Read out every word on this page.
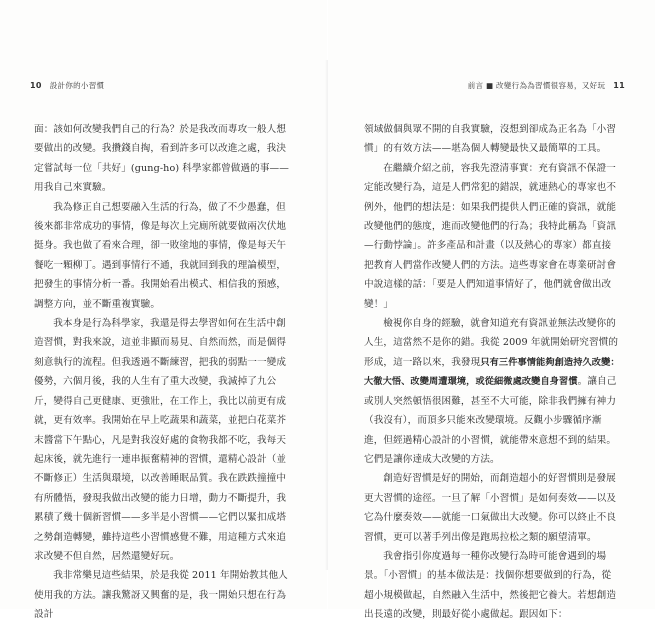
10 設計你的小習慣

面：該如何改變我們自己的行為？於是我改而專攻一般人想要做出的改變。我攢錢自掏，看到許多可以改進之處，我決定嘗試每一位「共好」(gung-ho) 科學家都曾做過的事——用我自己來實驗。

我為修正自己想要融入生活的行為，做了不少愚蠢，但後來都非常成功的事情，像是每次上完廁所就要做兩次伏地挺身。我也做了看來合理，卻一敗塗地的事情，像是每天午餐吃一顆柳丁。遇到事情行不通，我就回到我的理論模型，把發生的事情分析一番。我開始看出模式、相信我的預感，調整方向，並不斷重複實驗。

我本身是行為科學家，我還是得去學習如何在生活中創造習慣，對我來說，這並非顯而易見、自然而然，而是個得刻意執行的流程。但我透過不斷練習，把我的弱點一一變成優勢，六個月後，我的人生有了重大改變，我減掉了九公斤，變得自己更健康、更強壯，在工作上，我比以前更有成就，更有效率。我開始在早上吃蔬果和蔬菜，並把白花菜芥末醬當下午點心，凡是對我沒好處的食物我都不吃，我每天起床後，就先進行一連串振奮精神的習慣，還精心設計（並不斷修正）生活與環境，以改善睡眠品質。我在跌跌撞撞中有所體悟，發現我做出改變的能力日增，動力不斷提升，我累積了幾十個新習慣——多半是小習慣——它們以緊扣成塔之勢創造轉變，雖持這些小習慣感覺不難，用這種方式來追求改變不但自然，居然還變好玩。

我非常樂見這些結果，於是我從 2011 年開始教其他人使用我的方法。讓我驚訝又興奮的是，我一開始只想在行為設計

前言 ■ 改變行為為習慣很容易，又好玩 11

領域做個與眾不開的自我實驗，沒想到卻成為正名為「小習慣」的有效方法——堪為個人轉變最快又最簡單的工具。

在繼續介紹之前，容我先澄清事實：充有資訊不保證一定能改變行為，這是人們常犯的錯誤，就連熱心的專家也不例外，他們的想法是：如果我們提供人們正確的資訊，就能改變他們的態度，進而改變他們的行為；我特此稱為「資訊—行動悖論」。許多產品和計畫（以及熱心的專家）都直接把教育人們當作改變人們的方法。這些專家會在專業研討會中說這樣的話：「要是人們知道事情好了，他們就會做出改變！」

檢視你自身的經驗，就會知道充有資訊並無法改變你的人生，這當然不是你的錯。我從 2009 年就開始研究習慣的形成，這一路以來，我發現只有三件事情能夠創造持久改變：大徹大悟、改變周遭環境，或從細微處改變自身習慣。讓自己或別人突然頓悟很困難，甚至不大可能，除非我們擁有神力（我沒有），而頂多只能來改變環境。反觀小步驟循序漸進，但經過精心設計的小習慣，就能帶來意想不到的結果。它們是讓你達成大改變的方法。

創造好習慣是好的開始，而創造超小的好習慣則是發展更大習慣的途徑。一旦了解「小習慣」是如何奏效——以及它為什麼奏效——就能一口氣做出大改變。你可以終止不良習慣，更可以著手列出像是跑馬拉松之類的願望清單。

我會指引你度過每一種你改變行為時可能會遇到的場景。「小習慣」的基本做法是：找個你想要做到的行為，從超小規模做起，自然融入生活中，然後把它養大。若想創造出長遠的改變，則最好從小處做起。跟因如下：
